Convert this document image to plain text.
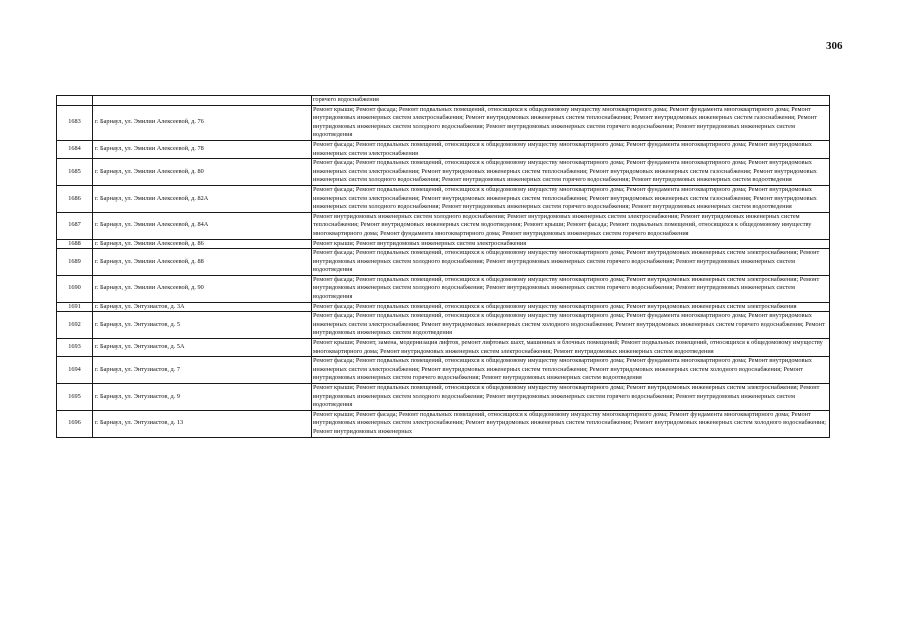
306
		горячего водоснабжения
1683	г. Барнаул, ул. Эмилии Алексеевой, д. 76	Ремонт крыши; Ремонт фасада; Ремонт подвальных помещений, относящихся к общедомовому имуществу многоквартирного дома; Ремонт фундамента многоквартирного дома; Ремонт внутридомовых инженерных систем электроснабжения; Ремонт внутридомовых инженерных систем теплоснабжения; Ремонт внутридомовых инженерных систем газоснабжения; Ремонт внутридомовых инженерных систем холодного водоснабжения; Ремонт внутридомовых инженерных систем горячего водоснабжения; Ремонт внутридомовых инженерных систем водоотведения
1684	г. Барнаул, ул. Эмилии Алексеевой, д. 78	Ремонт фасада; Ремонт подвальных помещений, относящихся к общедомовому имуществу многоквартирного дома; Ремонт фундамента многоквартирного дома; Ремонт внутридомовых инженерных систем электроснабжения
1685	г. Барнаул, ул. Эмилии Алексеевой, д. 80	Ремонт фасада; Ремонт подвальных помещений, относящихся к общедомовому имуществу многоквартирного дома; Ремонт фундамента многоквартирного дома; Ремонт внутридомовых инженерных систем электроснабжения; Ремонт внутридомовых инженерных систем теплоснабжения; Ремонт внутридомовых инженерных систем газоснабжения; Ремонт внутридомовых инженерных систем холодного водоснабжения; Ремонт внутридомовых инженерных систем горячего водоснабжения; Ремонт внутридомовых инженерных систем водоотведения
1686	г. Барнаул, ул. Эмилии Алексеевой, д. 82А	Ремонт фасада; Ремонт подвальных помещений, относящихся к общедомовому имуществу многоквартирного дома; Ремонт фундамента многоквартирного дома; Ремонт внутридомовых инженерных систем электроснабжения; Ремонт внутридомовых инженерных систем теплоснабжения; Ремонт внутридомовых инженерных систем газоснабжения; Ремонт внутридомовых инженерных систем холодного водоснабжения; Ремонт внутридомовых инженерных систем горячего водоснабжения; Ремонт внутридомовых инженерных систем водоотведения
1687	г. Барнаул, ул. Эмилии Алексеевой, д. 84А	Ремонт внутридомовых инженерных систем холодного водоснабжения; Ремонт внутридомовых инженерных систем электроснабжения; Ремонт внутридомовых инженерных систем теплоснабжения; Ремонт внутридомовых инженерных систем водоотведения; Ремонт крыши; Ремонт фасада; Ремонт подвальных помещений, относящихся к общедомовому имуществу многоквартирного дома; Ремонт фундамента многоквартирного дома; Ремонт внутридомовых инженерных систем горячего водоснабжения
1688	г. Барнаул, ул. Эмилии Алексеевой, д. 86	Ремонт крыши; Ремонт внутридомовых инженерных систем электроснабжения
1689	г. Барнаул, ул. Эмилии Алексеевой, д. 88	Ремонт фасада; Ремонт подвальных помещений, относящихся к общедомовому имуществу многоквартирного дома; Ремонт внутридомовых инженерных систем электроснабжения; Ремонт внутридомовых инженерных систем холодного водоснабжения; Ремонт внутридомовых инженерных систем горячего водоснабжения; Ремонт внутридомовых инженерных систем водоотведения
1690	г. Барнаул, ул. Эмилии Алексеевой, д. 90	Ремонт фасада; Ремонт подвальных помещений, относящихся к общедомовому имуществу многоквартирного дома; Ремонт внутридомовых инженерных систем электроснабжения; Ремонт внутридомовых инженерных систем холодного водоснабжения; Ремонт внутридомовых инженерных систем горячего водоснабжения; Ремонт внутридомовых инженерных систем водоотведения
1691	г. Барнаул, ул. Энтузиастов, д. 3А	Ремонт фасада; Ремонт подвальных помещений, относящихся к общедомовому имуществу многоквартирного дома; Ремонт внутридомовых инженерных систем электроснабжения
1692	г. Барнаул, ул. Энтузиастов, д. 5	Ремонт фасада; Ремонт подвальных помещений, относящихся к общедомовому имуществу многоквартирного дома; Ремонт фундамента многоквартирного дома; Ремонт внутридомовых инженерных систем электроснабжения; Ремонт внутридомовых инженерных систем холодного водоснабжения; Ремонт внутридомовых инженерных систем горячего водоснабжения; Ремонт внутридомовых инженерных систем водоотведения
1693	г. Барнаул, ул. Энтузиастов, д. 5А	Ремонт крыши; Ремонт, замена, модернизация лифтов, ремонт лифтовых шахт, машинных и блочных помещений; Ремонт подвальных помещений, относящихся к общедомовому имуществу многоквартирного дома; Ремонт внутридомовых инженерных систем электроснабжения; Ремонт внутридомовых инженерных систем водоотведения
1694	г. Барнаул, ул. Энтузиастов, д. 7	Ремонт фасада; Ремонт подвальных помещений, относящихся к общедомовому имуществу многоквартирного дома; Ремонт фундамента многоквартирного дома; Ремонт внутридомовых инженерных систем электроснабжения; Ремонт внутридомовых инженерных систем теплоснабжения; Ремонт внутридомовых инженерных систем холодного водоснабжения; Ремонт внутридомовых инженерных систем горячего водоснабжения; Ремонт внутридомовых инженерных систем водоотведения
1695	г. Барнаул, ул. Энтузиастов, д. 9	Ремонт крыши; Ремонт подвальных помещений, относящихся к общедомовому имуществу многоквартирного дома; Ремонт внутридомовых инженерных систем электроснабжения; Ремонт внутридомовых инженерных систем холодного водоснабжения; Ремонт внутридомовых инженерных систем горячего водоснабжения; Ремонт внутридомовых инженерных систем водоотведения
1696	г. Барнаул, ул. Энтузиастов, д. 13	Ремонт крыши; Ремонт фасада; Ремонт подвальных помещений, относящихся к общедомовому имуществу многоквартирного дома; Ремонт фундамента многоквартирного дома; Ремонт внутридомовых инженерных систем электроснабжения; Ремонт внутридомовых инженерных систем теплоснабжения; Ремонт внутридомовых инженерных систем холодного водоснабжения; Ремонт внутридомовых инженерных
